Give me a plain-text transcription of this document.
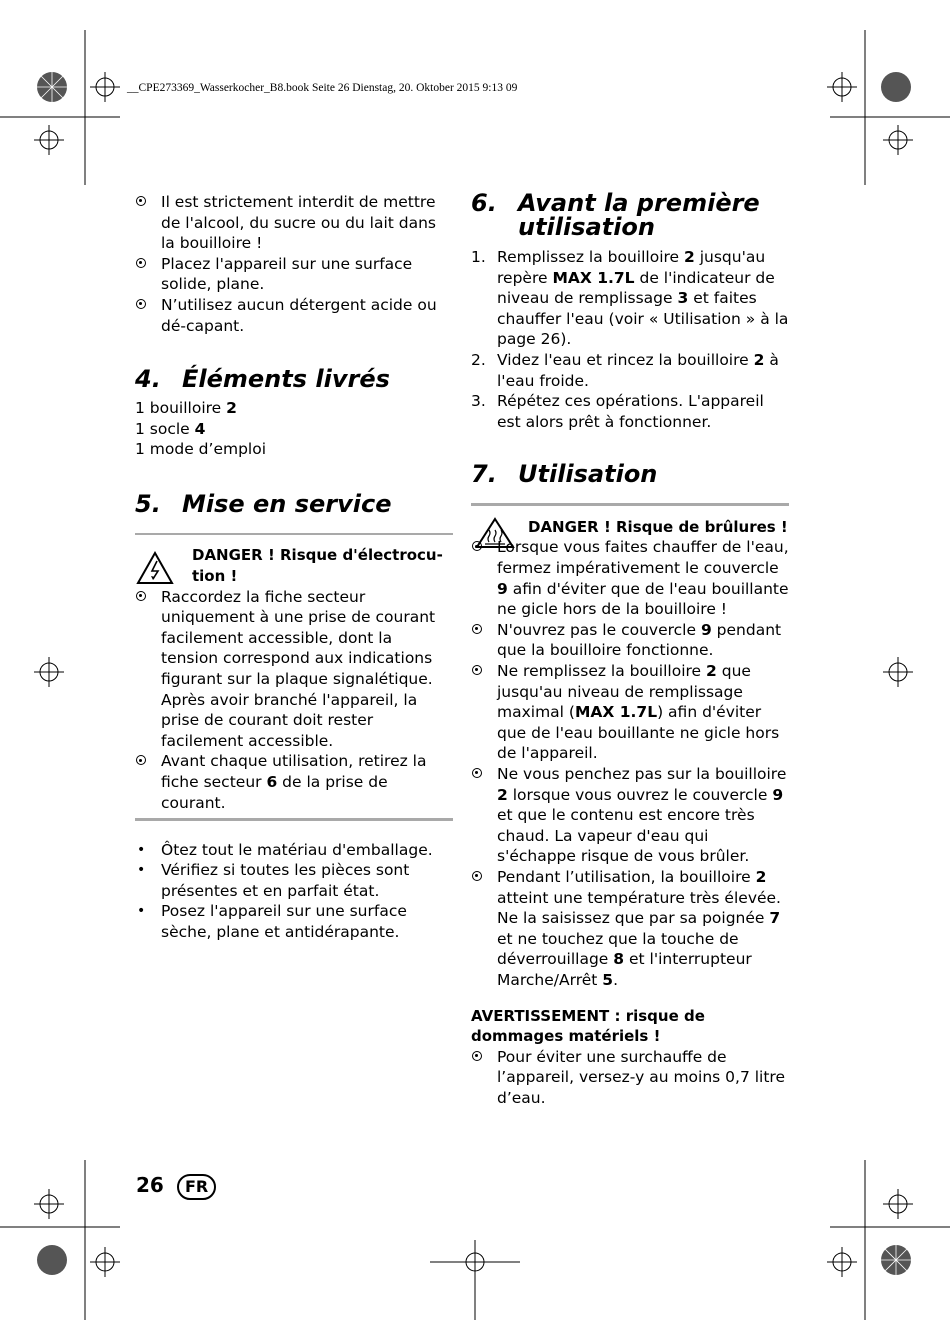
__CPE273369_Wasserkocher_B8.book Seite 26 Dienstag, 20. Oktober 2015 9:13 09
Il est strictement interdit de mettre de l'alcool, du sucre ou du lait dans la bouilloire !
Placez l'appareil sur une surface solide, plane.
N’utilisez aucun détergent acide ou dé-capant.
4. Éléments livrés
1 bouilloire 2
1 socle 4
1 mode d’emploi
5. Mise en service
DANGER ! Risque d'électrocu-
tion !
Raccordez la fiche secteur uniquement à une prise de courant facilement accessible, dont la tension correspond aux indications figurant sur la plaque signalétique. Après avoir branché l'appareil, la prise de courant doit rester facilement accessible.
Avant chaque utilisation, retirez la fiche secteur 6 de la prise de courant.
• Ôtez tout le matériau d'emballage.
• Vérifiez si toutes les pièces sont présentes et en parfait état.
• Posez l'appareil sur une surface sèche, plane et antidérapante.
6. Avant la première
utilisation
1. Remplissez la bouilloire 2 jusqu'au repère MAX 1.7L de l'indicateur de niveau de remplissage 3 et faites chauffer l'eau (voir « Utilisation » à la page 26).
2. Videz l'eau et rincez la bouilloire 2 à l'eau froide.
3. Répétez ces opérations. L'appareil est alors prêt à fonctionner.
7. Utilisation
DANGER ! Risque de brûlures !
Lorsque vous faites chauffer de l'eau, fermez impérativement le couvercle 9 afin d'éviter que de l'eau bouillante ne gicle hors de la bouilloire !
N'ouvrez pas le couvercle 9 pendant que la bouilloire fonctionne.
Ne remplissez la bouilloire 2 que jusqu'au niveau de remplissage maximal (MAX 1.7L) afin d'éviter que de l'eau bouillante ne gicle hors de l'appareil.
Ne vous penchez pas sur la bouilloire 2 lorsque vous ouvrez le couvercle 9 et que le contenu est encore très chaud. La vapeur d'eau qui s'échappe risque de vous brûler.
Pendant l’utilisation, la bouilloire 2 atteint une température très élevée. Ne la saisissez que par sa poignée 7 et ne touchez que la touche de déverrouillage 8 et l'interrupteur Marche/Arrêt 5.
AVERTISSEMENT : risque de dommages matériels !
Pour éviter une surchauffe de l’appareil, versez-y au moins 0,7 litre d’eau.
26 FR
